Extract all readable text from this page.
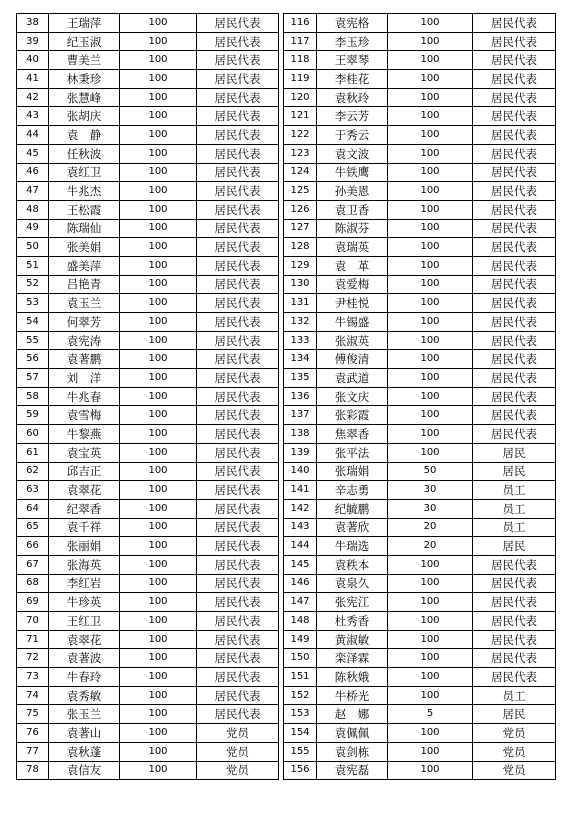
38	王瑞萍	100	居民代表
39	纪玉淑	100	居民代表
40	曹美兰	100	居民代表
41	林秉珍	100	居民代表
42	张慧峰	100	居民代表
43	张胡庆	100	居民代表
44	袁　静	100	居民代表
45	任秋波	100	居民代表
46	袁红卫	100	居民代表
47	牛兆杰	100	居民代表
48	王松霞	100	居民代表
49	陈瑞仙	100	居民代表
50	张美娟	100	居民代表
51	盛美萍	100	居民代表
52	吕艳青	100	居民代表
53	袁玉兰	100	居民代表
54	何翠芳	100	居民代表
55	袁宪涛	100	居民代表
56	袁著鹏	100	居民代表
57	刘　洋	100	居民代表
58	牛兆春	100	居民代表
59	袁雪梅	100	居民代表
60	牛黎燕	100	居民代表
61	袁宝英	100	居民代表
62	邱吉正	100	居民代表
63	袁翠花	100	居民代表
64	纪翠香	100	居民代表
65	袁千祥	100	居民代表
66	张丽娟	100	居民代表
67	张海英	100	居民代表
68	李红岩	100	居民代表
69	牛珍英	100	居民代表
70	王红卫	100	居民代表
71	袁翠花	100	居民代表
72	袁著波	100	居民代表
73	牛春玲	100	居民代表
74	袁秀敏	100	居民代表
75	张玉兰	100	居民代表
76	袁著山	100	党员
77	袁秋蓬	100	党员
78	袁信友	100	党员
116	袁宪格	100	居民代表
117	李玉珍	100	居民代表
118	王翠琴	100	居民代表
119	李桂花	100	居民代表
120	袁秋玲	100	居民代表
121	李云芳	100	居民代表
122	于秀云	100	居民代表
123	袁文波	100	居民代表
124	牛铁鹰	100	居民代表
125	孙美恩	100	居民代表
126	袁卫香	100	居民代表
127	陈淑芬	100	居民代表
128	袁瑞英	100	居民代表
129	袁　革	100	居民代表
130	袁爱梅	100	居民代表
131	尹桂悦	100	居民代表
132	牛锡盛	100	居民代表
133	张淑英	100	居民代表
134	傅俊清	100	居民代表
135	袁武道	100	居民代表
136	张文庆	100	居民代表
137	张彩霞	100	居民代表
138	焦翠香	100	居民代表
139	张平法	100	居民
140	张瑞娟	50	居民
141	辛志勇	30	员工
142	纪毓鹏	30	员工
143	袁著欣	20	员工
144	牛瑞选	20	居民
145	袁秩本	100	居民代表
146	袁泉久	100	居民代表
147	张宪江	100	居民代表
148	杜秀香	100	居民代表
149	黄淑敏	100	居民代表
150	栾泽霖	100	居民代表
151	陈秋娥	100	居民代表
152	牛桥光	100	员工
153	赵　娜	5	居民
154	袁佩佩	100	党员
155	袁剑栋	100	党员
156	袁宪磊	100	党员
